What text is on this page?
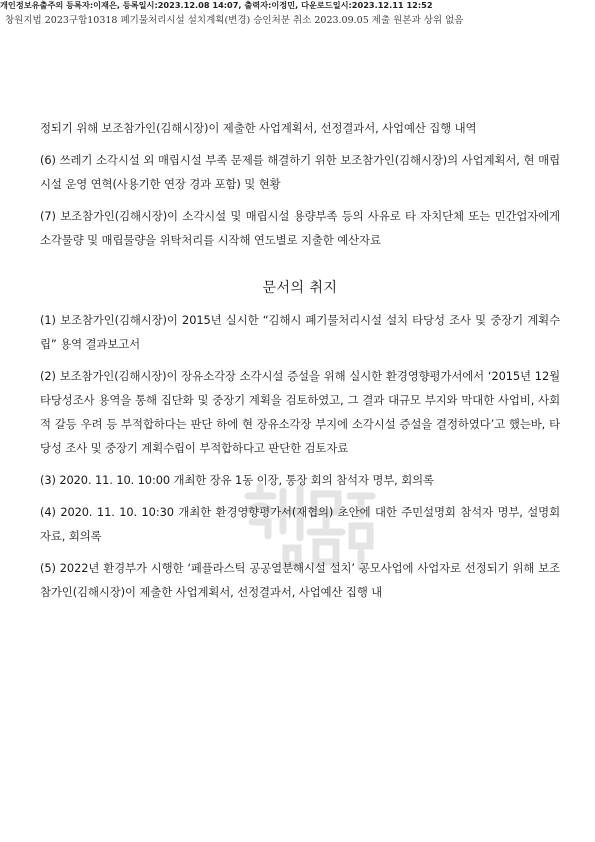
개인정보유출주의 등록자:이재은, 등록일시:2023.12.08 14:07, 출력자:이정민, 다운로드일시:2023.12.11 12:52
창원지법 2023구합10318 폐기물처리시설 설치계획(변경) 승인처분 취소 2023.09.05 제출 원본과 상위 없음

정되기 위해 보조참가인(김해시장)이 제출한 사업계획서, 선정결과서, 사업예산 집행 내역

(6) 쓰레기 소각시설 외 매립시설 부족 문제를 해결하기 위한 보조참가인(김해시장)의 사업계획서, 현 매립시설 운영 연혁(사용기한 연장 경과 포함) 및 현황

(7) 보조참가인(김해시장)이 소각시설 및 매립시설 용량부족 등의 사유로 타 자치단체 또는 민간업자에게 소각물량 및 매립물량을 위탁처리를 시작해 연도별로 지출한 예산자료

문서의 취지

(1) 보조참가인(김해시장)이 2015년 실시한 “김해시 폐기물처리시설 설치 타당성 조사 및 중장기 계획수립” 용역 결과보고서

(2) 보조참가인(김해시장)이 장유소각장 소각시설 증설을 위해 실시한 환경영향평가서에서 ‘2015년 12월 타당성조사 용역을 통해 집단화 및 중장기 계획을 검토하였고, 그 결과 대규모 부지와 막대한 사업비, 사회적 갈등 우려 등 부적합하다는 판단 하에 현 장유소각장 부지에 소각시설 증설을 결정하였다’고 했는바, 타당성 조사 및 중장기 계획수립이 부적합하다고 판단한 검토자료

(3) 2020. 11. 10. 10:00 개최한 장유 1동 이장, 통장 회의 참석자 명부, 회의록

(4) 2020. 11. 10. 10:30 개최한 환경영향평가서(재협의) 초안에 대한 주민설명회 참석자 명부, 설명회 자료, 회의록

(5) 2022년 환경부가 시행한 ‘페플라스틱 공공열분해시설 설치’ 공모사업에 사업자로 선정되기 위해 보조참가인(김해시장)이 제출한 사업계획서, 선정결과서, 사업예산 집행 내
